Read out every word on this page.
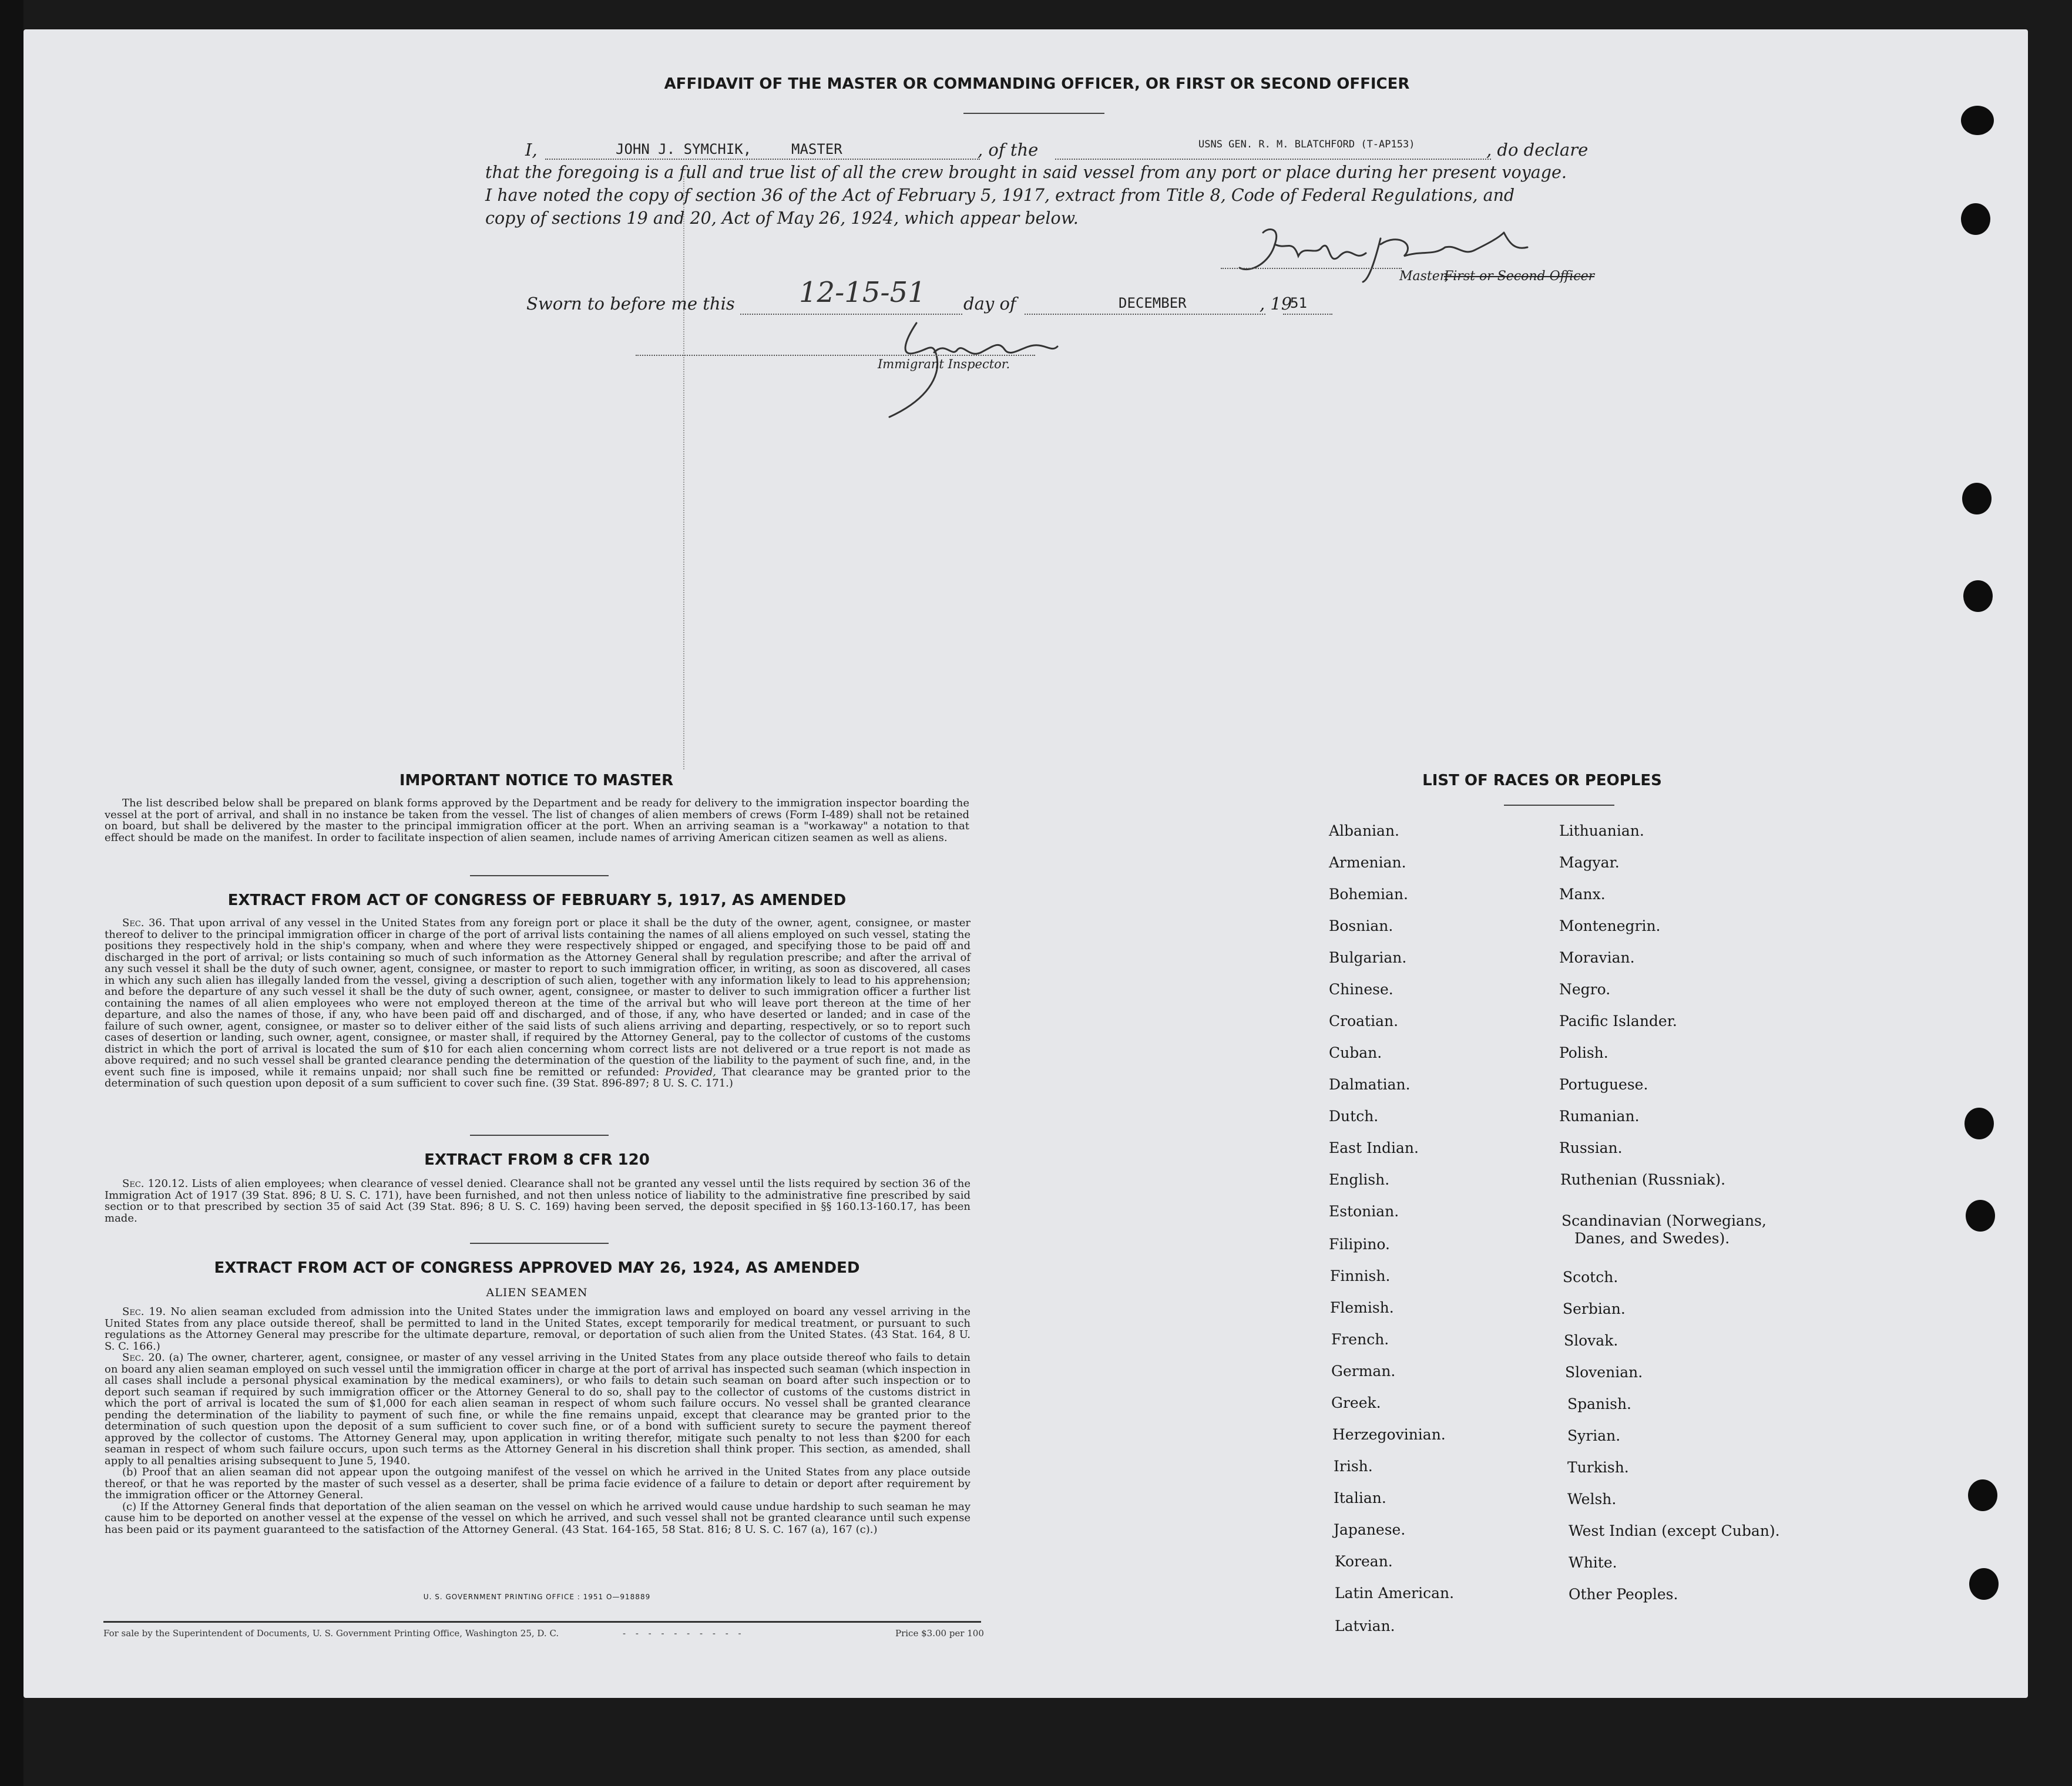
AFFIDAVIT OF THE MASTER OR COMMANDING OFFICER, OR FIRST OR SECOND OFFICER
I,	JOHN J. SYMCHIK,	MASTER	, of the	USNS GEN. R. M. BLATCHFORD (T-AP153)	, do declare
that the foregoing is a full and true list of all the crew brought in said vessel from any port or place during her present voyage.
I have noted the copy of section 36 of the Act of February 5, 1917, extract from Title 8, Code of Federal Regulations, and
copy of sections 19 and 20, Act of May 26, 1924, which appear below.
Master,
First or Second Officer
Sworn to before me this 12-15-51 day of	DECEMBER	, 19
51
Immigrant Inspector.
IMPORTANT NOTICE TO MASTER

The list described below shall be prepared on blank forms approved by the Department and be ready for delivery to the immigration inspector boarding the vessel at the port of arrival, and shall in no instance be taken from the vessel. The list of changes of alien members of crews (Form I-489) shall not be retained on board, but shall be delivered by the master to the principal immigration officer at the port. When an arriving seaman is a "workaway" a notation to that effect should be made on the manifest. In order to facilitate inspection of alien seamen, include names of arriving American citizen seamen as well as aliens.

EXTRACT FROM ACT OF CONGRESS OF FEBRUARY 5, 1917, AS AMENDED

Sec. 36. That upon arrival of any vessel in the United States from any foreign port or place it shall be the duty of the owner, agent, consignee, or master thereof to deliver to the principal immigration officer in charge of the port of arrival lists containing the names of all aliens employed on such vessel, stating the positions they respectively hold in the ship's company, when and where they were respectively shipped or engaged, and specifying those to be paid off and discharged in the port of arrival; or lists containing so much of such information as the Attorney General shall by regulation prescribe; and after the arrival of any such vessel it shall be the duty of such owner, agent, consignee, or master to report to such immigration officer, in writing, as soon as discovered, all cases in which any such alien has illegally landed from the vessel, giving a description of such alien, together with any information likely to lead to his apprehension; and before the departure of any such vessel it shall be the duty of such owner, agent, consignee, or master to deliver to such immigration officer a further list containing the names of all alien employees who were not employed thereon at the time of the arrival but who will leave port thereon at the time of her departure, and also the names of those, if any, who have been paid off and discharged, and of those, if any, who have deserted or landed; and in case of the failure of such owner, agent, consignee, or master so to deliver either of the said lists of such aliens arriving and departing, respectively, or so to report such cases of desertion or landing, such owner, agent, consignee, or master shall, if required by the Attorney General, pay to the collector of customs of the customs district in which the port of arrival is located the sum of $10 for each alien concerning whom correct lists are not delivered or a true report is not made as above required; and no such vessel shall be granted clearance pending the determination of the question of the liability to the payment of such fine, and, in the event such fine is imposed, while it remains unpaid; nor shall such fine be remitted or refunded: Provided, That clearance may be granted prior to the determination of such question upon deposit of a sum sufficient to cover such fine. (39 Stat. 896-897; 8 U. S. C. 171.)

EXTRACT FROM 8 CFR 120

Sec. 120.12. Lists of alien employees; when clearance of vessel denied. Clearance shall not be granted any vessel until the lists required by section 36 of the Immigration Act of 1917 (39 Stat. 896; 8 U. S. C. 171), have been furnished, and not then unless notice of liability to the administrative fine prescribed by said section or to that prescribed by section 35 of said Act (39 Stat. 896; 8 U. S. C. 169) having been served, the deposit specified in §§ 160.13-160.17, has been made.

EXTRACT FROM ACT OF CONGRESS APPROVED MAY 26, 1924, AS AMENDED
ALIEN SEAMEN

Sec. 19. No alien seaman excluded from admission into the United States under the immigration laws and employed on board any vessel arriving in the United States from any place outside thereof, shall be permitted to land in the United States, except temporarily for medical treatment, or pursuant to such regulations as the Attorney General may prescribe for the ultimate departure, removal, or deportation of such alien from the United States. (43 Stat. 164, 8 U. S. C. 166.)

Sec. 20. (a) The owner, charterer, agent, consignee, or master of any vessel arriving in the United States from any place outside thereof who fails to detain on board any alien seaman employed on such vessel until the immigration officer in charge at the port of arrival has inspected such seaman (which inspection in all cases shall include a personal physical examination by the medical examiners), or who fails to detain such seaman on board after such inspection or to deport such seaman if required by such immigration officer or the Attorney General to do so, shall pay to the collector of customs of the customs district in which the port of arrival is located the sum of $1,000 for each alien seaman in respect of whom such failure occurs. No vessel shall be granted clearance pending the determination of the liability to payment of such fine, or while the fine remains unpaid, except that clearance may be granted prior to the determination of such question upon the deposit of a sum sufficient to cover such fine, or of a bond with sufficient surety to secure the payment thereof approved by the collector of customs. The Attorney General may, upon application in writing therefor, mitigate such penalty to not less than $200 for each seaman in respect of whom such failure occurs, upon such terms as the Attorney General in his discretion shall think proper. This section, as amended, shall apply to all penalties arising subsequent to June 5, 1940.

(b) Proof that an alien seaman did not appear upon the outgoing manifest of the vessel on which he arrived in the United States from any place outside thereof, or that he was reported by the master of such vessel as a deserter, shall be prima facie evidence of a failure to detain or deport after requirement by the immigration officer or the Attorney General.

(c) If the Attorney General finds that deportation of the alien seaman on the vessel on which he arrived would cause undue hardship to such seaman he may cause him to be deported on another vessel at the expense of the vessel on which he arrived, and such vessel shall not be granted clearance until such expense has been paid or its payment guaranteed to the satisfaction of the Attorney General. (43 Stat. 164-165, 58 Stat. 816; 8 U. S. C. 167 (a), 167 (c).)

U. S. GOVERNMENT PRINTING OFFICE : 1951 O—918889
For sale by the Superintendent of Documents, U. S. Government Printing Office, Washington 25, D. C.	- - - - - - - - - -	Price $3.00 per 100
LIST OF RACES OR PEOPLES
Albanian.
Armenian.
Bohemian.
Bosnian.
Bulgarian.
Chinese.
Croatian.
Cuban.
Dalmatian.
Dutch.
East Indian.
English.
Estonian.
Filipino.
Finnish.
Flemish.
French.
German.
Greek.
Herzegovinian.
Irish.
Italian.
Japanese.
Korean.
Latin American.
Latvian.
Lithuanian.
Magyar.
Manx.
Montenegrin.
Moravian.
Negro.
Pacific Islander.
Polish.
Portuguese.
Rumanian.
Russian.
Ruthenian (Russniak).
Scandinavian (Norwegians,
Danes, and Swedes).
Scotch.
Serbian.
Slovak.
Slovenian.
Spanish.
Syrian.
Turkish.
Welsh.
West Indian (except Cuban).
White.
Other Peoples.
